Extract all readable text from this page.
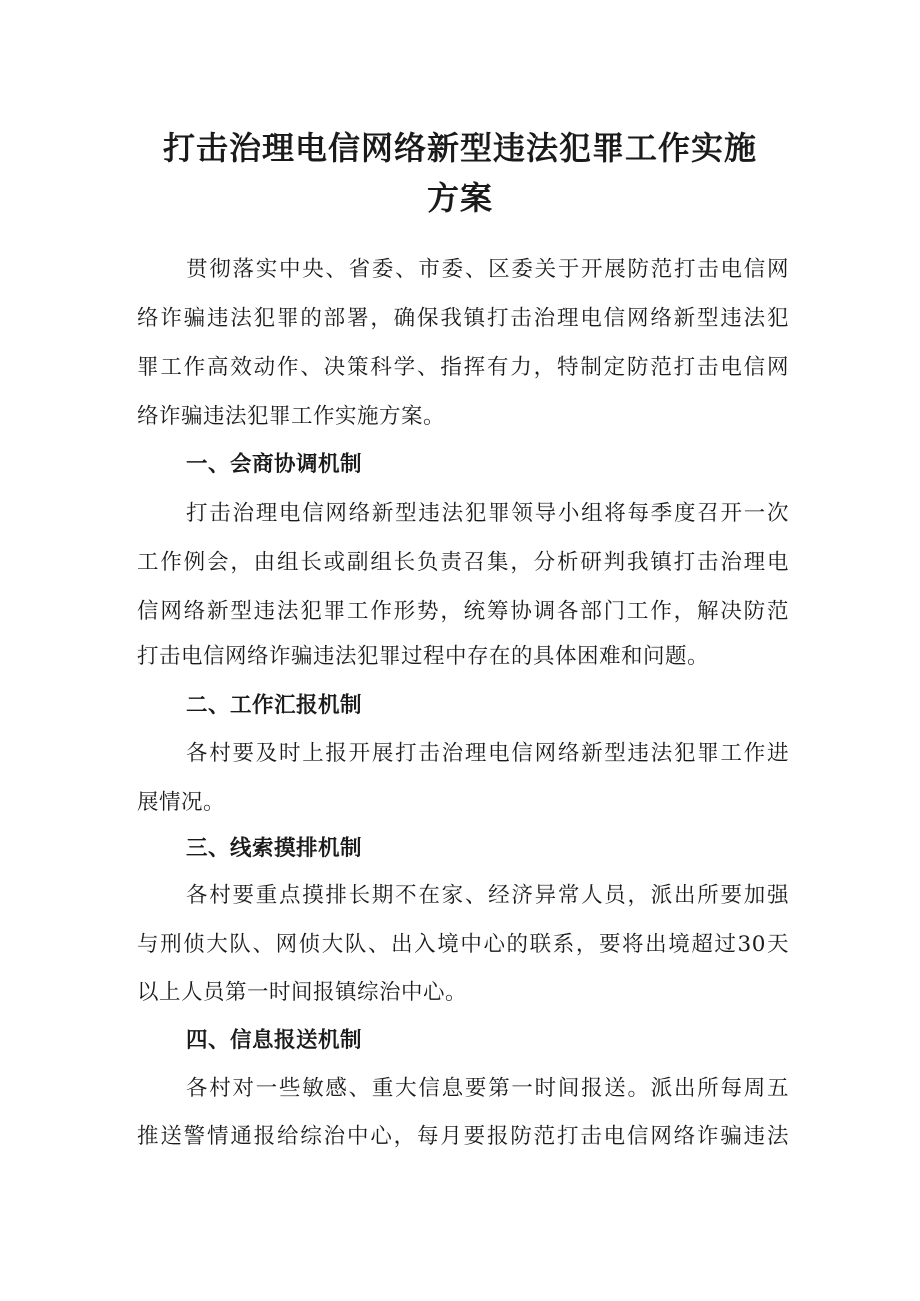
打击治理电信网络新型违法犯罪工作实施
方案
贯彻落实中央、省委、市委、区委关于开展防范打击电信网
络诈骗违法犯罪的部署，确保我镇打击治理电信网络新型违法犯
罪工作高效动作、决策科学、指挥有力，特制定防范打击电信网
络诈骗违法犯罪工作实施方案。
一、会商协调机制
打击治理电信网络新型违法犯罪领导小组将每季度召开一次
工作例会，由组长或副组长负责召集，分析研判我镇打击治理电
信网络新型违法犯罪工作形势，统筹协调各部门工作，解决防范
打击电信网络诈骗违法犯罪过程中存在的具体困难和问题。
二、工作汇报机制
各村要及时上报开展打击治理电信网络新型违法犯罪工作进
展情况。
三、线索摸排机制
各村要重点摸排长期不在家、经济异常人员，派出所要加强
与刑侦大队、网侦大队、出入境中心的联系，要将出境超过30天
以上人员第一时间报镇综治中心。
四、信息报送机制
各村对一些敏感、重大信息要第一时间报送。派出所每周五
推送警情通报给综治中心，每月要报防范打击电信网络诈骗违法
